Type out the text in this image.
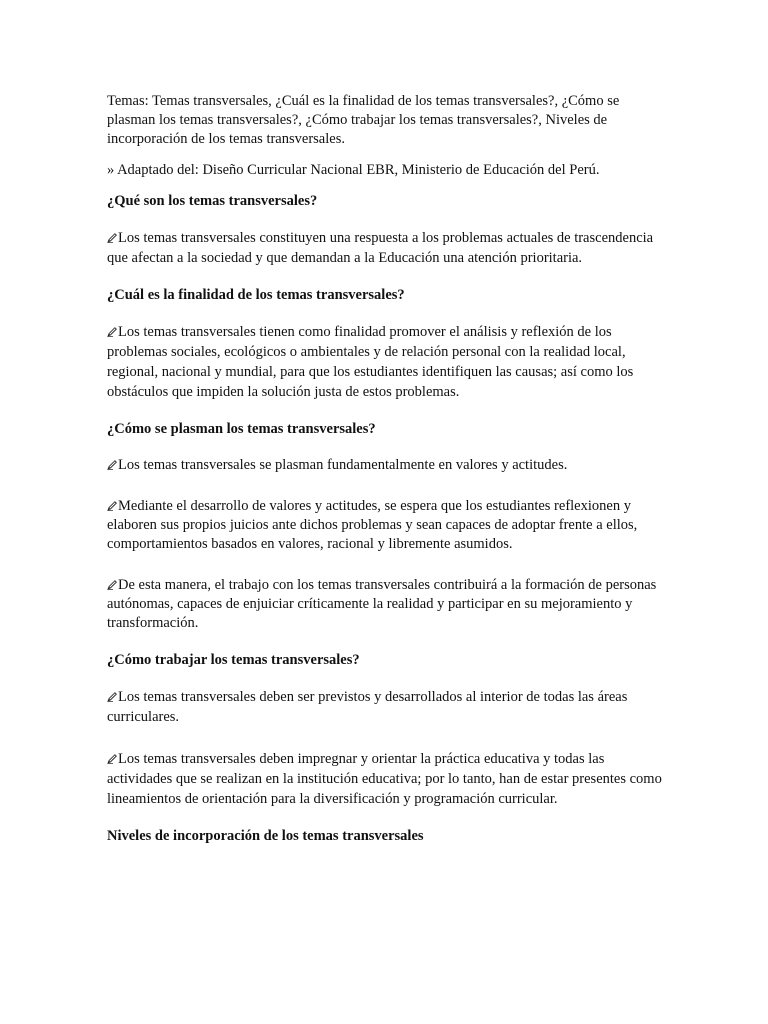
Temas: Temas transversales, ¿Cuál es la finalidad de los temas transversales?, ¿Cómo se plasman los temas transversales?, ¿Cómo trabajar los temas transversales?, Niveles de incorporación de los temas transversales.

» Adaptado del: Diseño Curricular Nacional EBR, Ministerio de Educación del Perú.

¿Qué son los temas transversales?

Los temas transversales constituyen una respuesta a los problemas actuales de trascendencia que afectan a la sociedad y que demandan a la Educación una atención prioritaria.

¿Cuál es la finalidad de los temas transversales?

Los temas transversales tienen como finalidad promover el análisis y reflexión de los problemas sociales, ecológicos o ambientales y de relación personal con la realidad local, regional, nacional y mundial, para que los estudiantes identifiquen las causas; así como los obstáculos que impiden la solución justa de estos problemas.

¿Cómo se plasman los temas transversales?

Los temas transversales se plasman fundamentalmente en valores y actitudes.

Mediante el desarrollo de valores y actitudes, se espera que los estudiantes reflexionen y elaboren sus propios juicios ante dichos problemas y sean capaces de adoptar frente a ellos, comportamientos basados en valores, racional y libremente asumidos.

De esta manera, el trabajo con los temas transversales contribuirá a la formación de personas autónomas, capaces de enjuiciar críticamente la realidad y participar en su mejoramiento y transformación.

¿Cómo trabajar los temas transversales?

Los temas transversales deben ser previstos y desarrollados al interior de todas las áreas curriculares.

Los temas transversales deben impregnar y orientar la práctica educativa y todas las actividades que se realizan en la institución educativa; por lo tanto, han de estar presentes como lineamientos de orientación para la diversificación y programación curricular.

Niveles de incorporación de los temas transversales
